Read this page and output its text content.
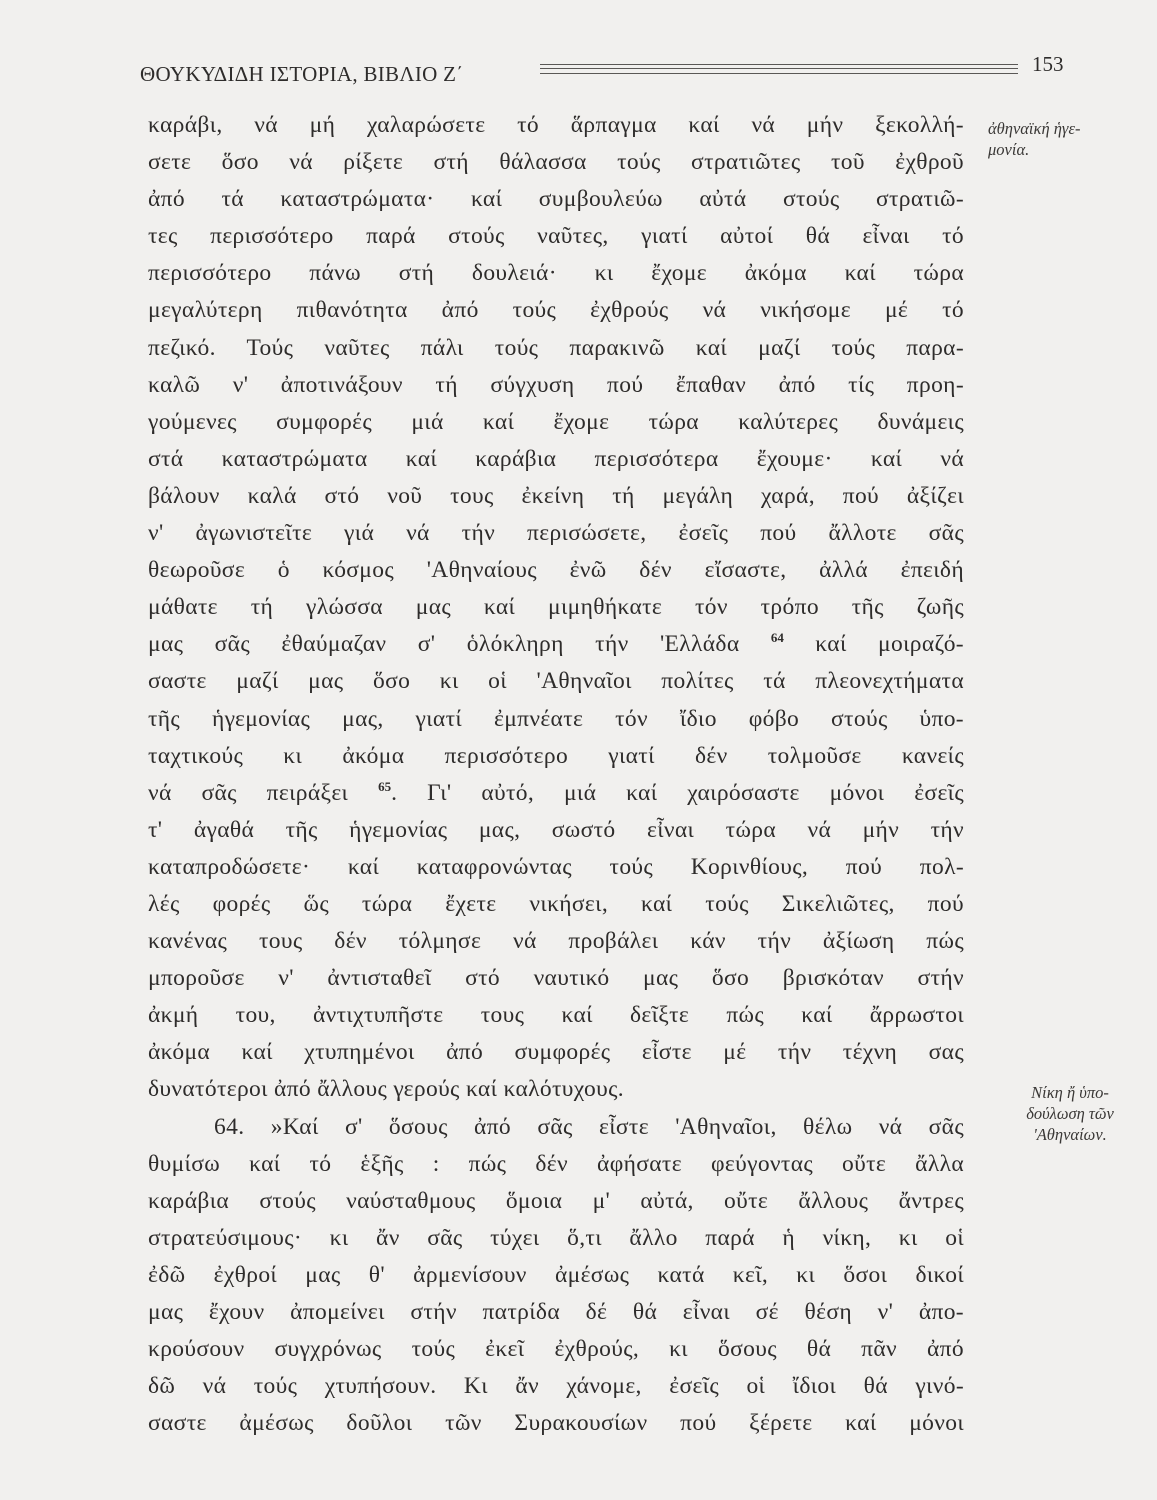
ΘΟΥΚΥΔΙΔΗ ΙΣΤΟΡΙΑ, ΒΙΒΛΙΟ Ζ΄	153
καράβι, νά μή χαλαρώσετε τό ἅρπαγμα καί νά μήν ξεκολλή-
σετε ὅσο νά ρίξετε στή θάλασσα τούς στρατιῶτες τοῦ ἐχθροῦ
ἀπό τά καταστρώματα· καί συμβουλεύω αὐτά στούς στρατιῶ-
τες περισσότερο παρά στούς ναῦτες, γιατί αὐτοί θά εἶναι τό
περισσότερο πάνω στή δουλειά· κι ἔχομε ἀκόμα καί τώρα
μεγαλύτερη πιθανότητα ἀπό τούς ἐχθρούς νά νικήσομε μέ τό
πεζικό. Τούς ναῦτες πάλι τούς παρακινῶ καί μαζί τούς παρα-
καλῶ ν' ἀποτινάξουν τή σύγχυση πού ἔπαθαν ἀπό τίς προη-
γούμενες συμφορές μιά καί ἔχομε τώρα καλύτερες δυνάμεις
στά καταστρώματα καί καράβια περισσότερα ἔχουμε· καί νά
βάλουν καλά στό νοῦ τους ἐκείνη τή μεγάλη χαρά, πού ἀξίζει
ν' ἀγωνιστεῖτε γιά νά τήν περισώσετε, ἐσεῖς πού ἄλλοτε σᾶς
θεωροῦσε ὁ κόσμος 'Αθηναίους ἐνῶ δέν εἴσαστε, ἀλλά ἐπειδή
μάθατε τή γλώσσα μας καί μιμηθήκατε τόν τρόπο τῆς ζωῆς
μας σᾶς ἐθαύμαζαν σ' ὁλόκληρη τήν 'Ελλάδα $^{64}$ καί μοιραζό-
σαστε μαζί μας ὅσο κι οἱ 'Αθηναῖοι πολίτες τά πλεονεχτήματα
τῆς ἡγεμονίας μας, γιατί ἐμπνέατε τόν ἴδιο φόβο στούς ὑπο-
ταχτικούς κι ἀκόμα περισσότερο γιατί δέν τολμοῦσε κανείς
νά σᾶς πειράξει $^{65}$. Γι' αὐτό, μιά καί χαιρόσαστε μόνοι ἐσεῖς
τ' ἀγαθά τῆς ἡγεμονίας μας, σωστό εἶναι τώρα νά μήν τήν
καταπροδώσετε· καί καταφρονώντας τούς Κορινθίους, πού πολ-
λές φορές ὥς τώρα ἔχετε νικήσει, καί τούς Σικελιῶτες, πού
κανένας τους δέν τόλμησε νά προβάλει κάν τήν ἀξίωση πώς
μποροῦσε ν' ἀντισταθεῖ στό ναυτικό μας ὅσο βρισκόταν στήν
ἀκμή του, ἀντιχτυπῆστε τους καί δεῖξτε πώς καί ἄρρωστοι
ἀκόμα καί χτυπημένοι ἀπό συμφορές εἶστε μέ τήν τέχνη σας
δυνατότεροι ἀπό ἄλλους γερούς καί καλότυχους.
64. »Καί σ' ὅσους ἀπό σᾶς εἶστε 'Αθηναῖοι, θέλω νά σᾶς
θυμίσω καί τό ἑξῆς : πώς δέν ἀφήσατε φεύγοντας οὔτε ἄλλα
καράβια στούς ναύσταθμους ὅμοια μ' αὐτά, οὔτε ἄλλους ἄντρες
στρατεύσιμους· κι ἄν σᾶς τύχει ὅ,τι ἄλλο παρά ἡ νίκη, κι οἱ
ἐδῶ ἐχθροί μας θ' ἀρμενίσουν ἀμέσως κατά κεῖ, κι ὅσοι δικοί
μας ἔχουν ἀπομείνει στήν πατρίδα δέ θά εἶναι σέ θέση ν' ἀπο-
κρούσουν συγχρόνως τούς ἐκεῖ ἐχθρούς, κι ὅσους θά πᾶν ἀπό
δῶ νά τούς χτυπήσουν. Κι ἄν χάνομε, ἐσεῖς οἱ ἴδιοι θά γινό-
σαστε ἀμέσως δοῦλοι τῶν Συρακουσίων πού ξέρετε καί μόνοι
ἀθηναϊκή ἡγε-
μονία.
Νίκη ἤ ὑπο-
δούλωση τῶν
'Αθηναίων.
